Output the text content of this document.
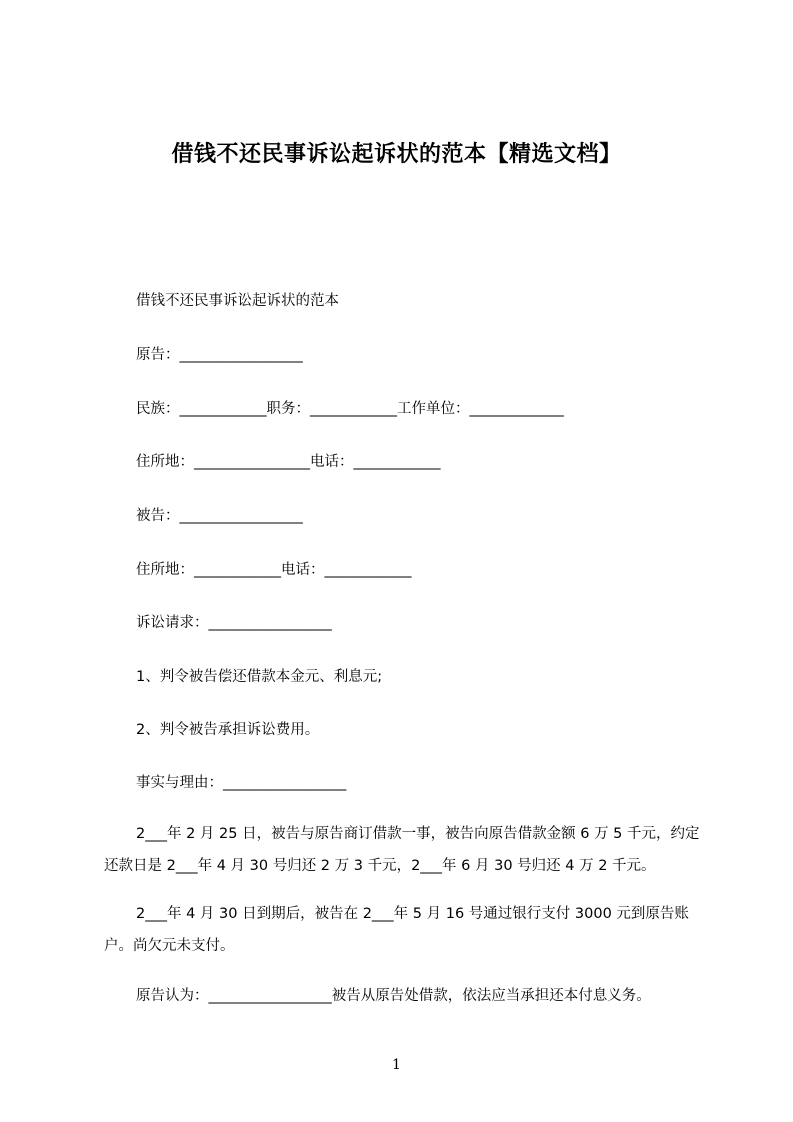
借钱不还民事诉讼起诉状的范本【精选文档】
借钱不还民事诉讼起诉状的范本
原告：_________________
民族：____________职务：____________工作单位：_____________
住所地：________________电话：____________
被告：_________________
住所地：____________电话：____________
诉讼请求：_________________
1、判令被告偿还借款本金元、利息元;
2、判令被告承担诉讼费用。
事实与理由：_________________
2___年 2 月 25 日，被告与原告商订借款一事，被告向原告借款金额 6 万 5 千元，约定还款日是 2___年 4 月 30 号归还 2 万 3 千元，2___年 6 月 30 号归还 4 万 2 千元。
2___年 4 月 30 日到期后，被告在 2___年 5 月 16 号通过银行支付 3000 元到原告账户。尚欠元未支付。
原告认为：_________________被告从原告处借款，依法应当承担还本付息义务。
1
